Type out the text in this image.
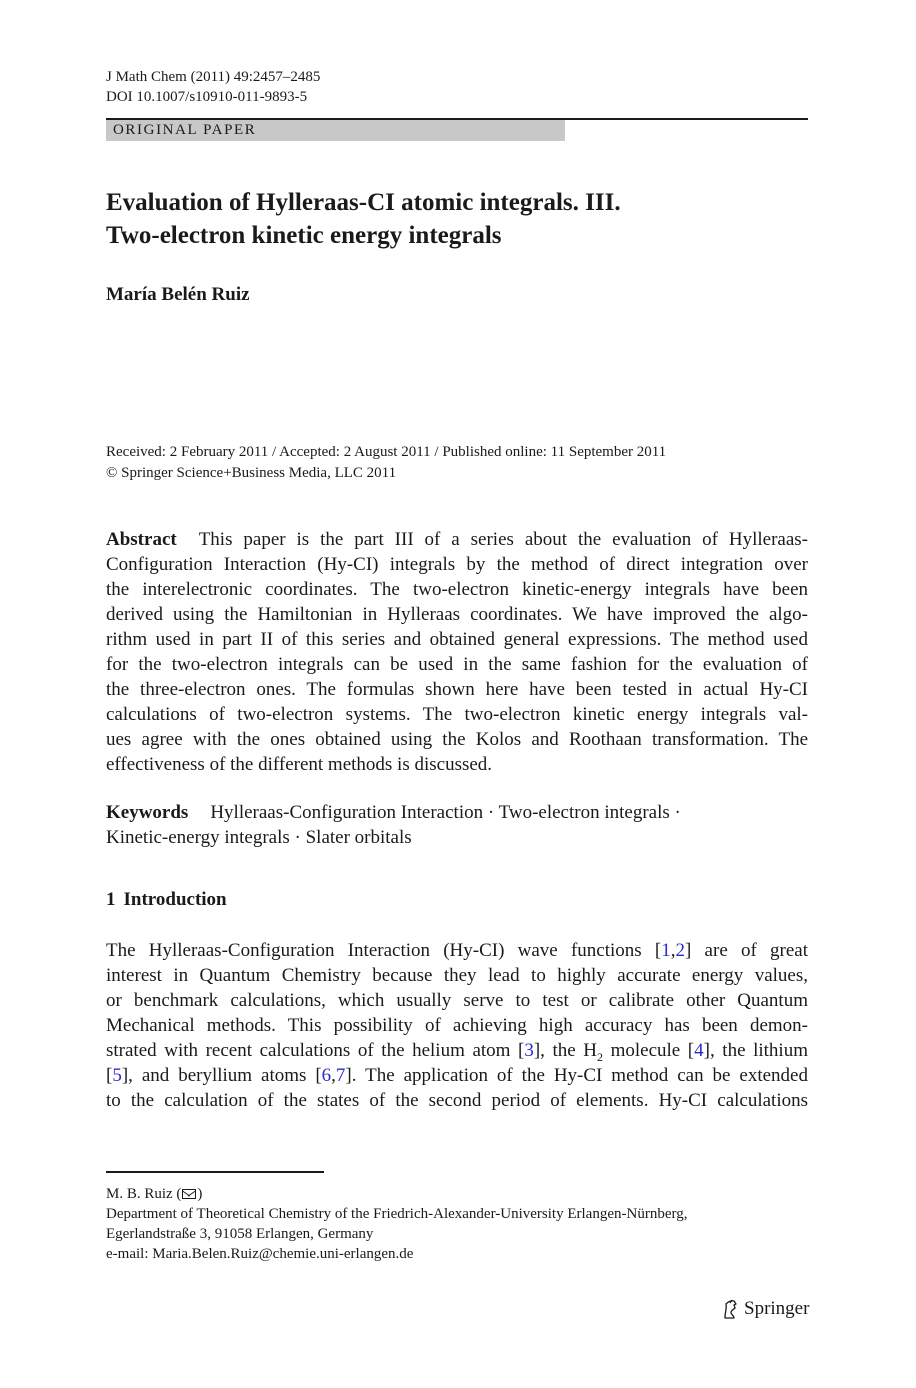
J Math Chem (2011) 49:2457–2485
DOI 10.1007/s10910-011-9893-5
ORIGINAL PAPER
Evaluation of Hylleraas-CI atomic integrals. III.
Two-electron kinetic energy integrals
María Belén Ruiz
Received: 2 February 2011 / Accepted: 2 August 2011 / Published online: 11 September 2011
© Springer Science+Business Media, LLC 2011
Abstract This paper is the part III of a series about the evaluation of Hylleraas-
Configuration Interaction (Hy-CI) integrals by the method of direct integration over
the interelectronic coordinates. The two-electron kinetic-energy integrals have been
derived using the Hamiltonian in Hylleraas coordinates. We have improved the algo-
rithm used in part II of this series and obtained general expressions. The method used
for the two-electron integrals can be used in the same fashion for the evaluation of
the three-electron ones. The formulas shown here have been tested in actual Hy-CI
calculations of two-electron systems. The two-electron kinetic energy integrals val-
ues agree with the ones obtained using the Kolos and Roothaan transformation. The
effectiveness of the different methods is discussed.
Keywords Hylleraas-Configuration Interaction · Two-electron integrals ·
Kinetic-energy integrals · Slater orbitals
1 Introduction
The Hylleraas-Configuration Interaction (Hy-CI) wave functions [1,2] are of great
interest in Quantum Chemistry because they lead to highly accurate energy values,
or benchmark calculations, which usually serve to test or calibrate other Quantum
Mechanical methods. This possibility of achieving high accuracy has been demon-
strated with recent calculations of the helium atom [3], the $H_2$ molecule [4], the lithium
[5], and beryllium atoms [6,7]. The application of the Hy-CI method can be extended
to the calculation of the states of the second period of elements. Hy-CI calculations
M. B. Ruiz ( )
Department of Theoretical Chemistry of the Friedrich-Alexander-University Erlangen-Nürnberg,
Egerlandstraße 3, 91058 Erlangen, Germany
e-mail: Maria.Belen.Ruiz@chemie.uni-erlangen.de
Springer
